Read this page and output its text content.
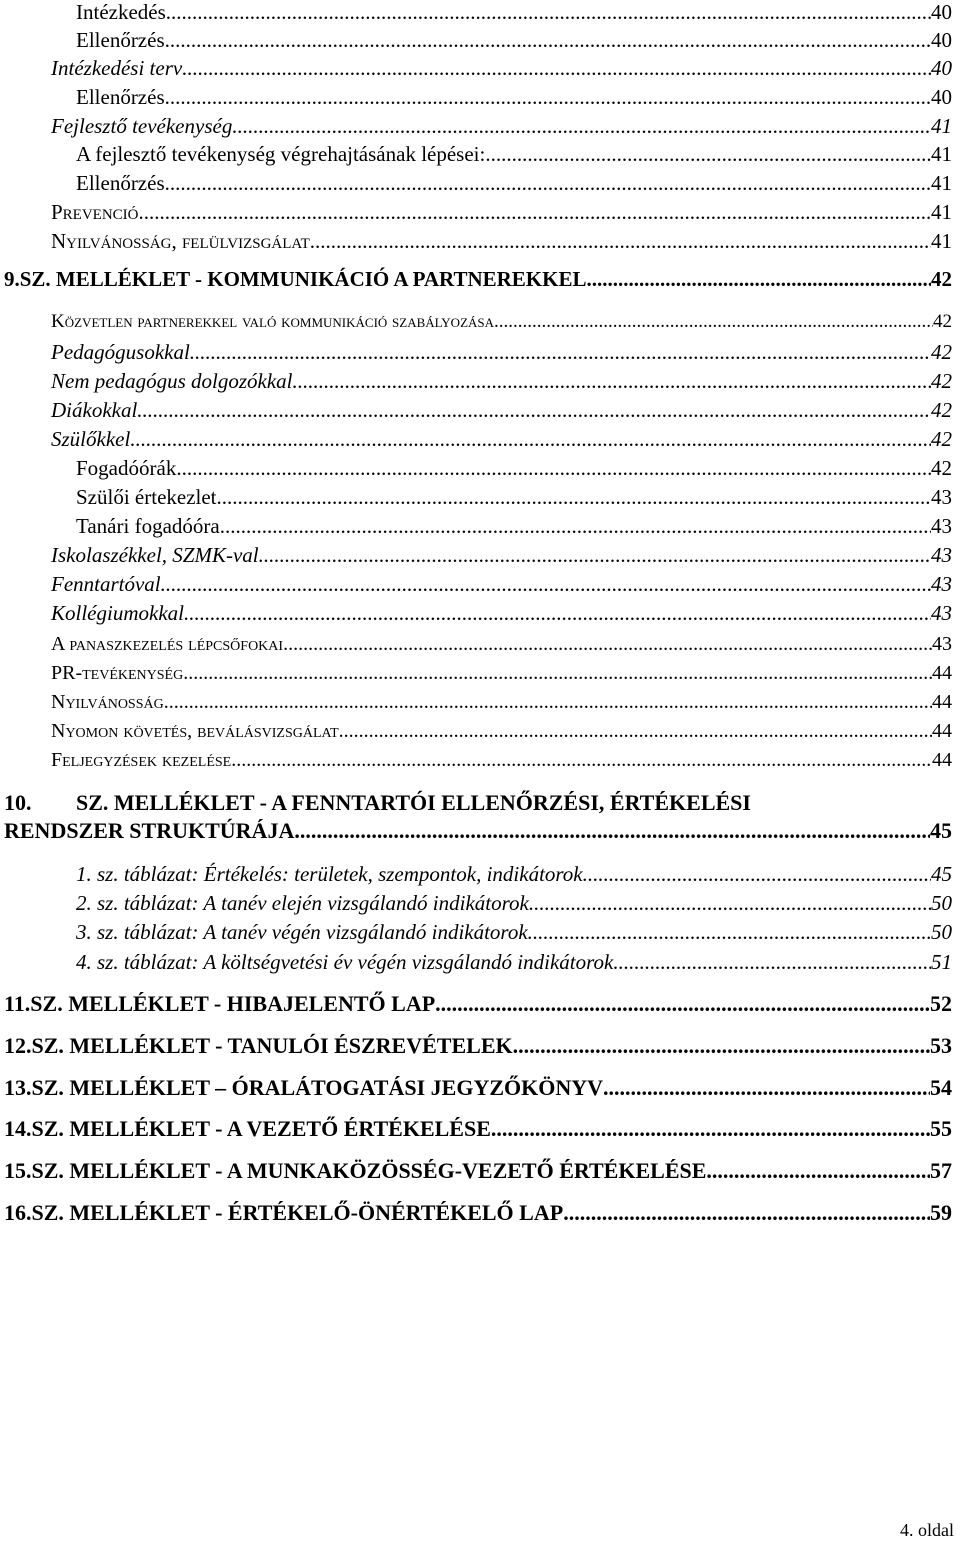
Intézkedés .....	40
Ellenőrzés .....	40
Intézkedési terv .....	40
Ellenőrzés .....	40
Fejlesztő tevékenység .....	41
A fejlesztő tevékenység végrehajtásának lépései: .....	41
Ellenőrzés. .....	41
Prevenció .....	41
Nyilvánosság, felülvizsgálat .....	41
9. SZ. MELLÉKLET - KOMMUNIKÁCIÓ A PARTNEREKKEL .....	42
Közvetlen partnerekkel való kommunikáció szabályozása .....	42
Pedagógusokkal .....	42
Nem pedagógus dolgozókkal .....	42
Diákokkal .....	42
Szülőkkel .....	42
Fogadóórák .....	42
Szülői értekezlet .....	43
Tanári fogadóóra .....	43
Iskolaszékkel, SZMK-val .....	43
Fenntartóval .....	43
Kollégiumokkal .....	43
A panaszkezelés lépcsőfokai .....	43
PR-tevékenység .....	44
Nyilvánosság .....	44
Nyomon követés, beválásvizsgálat .....	44
Feljegyzések kezelése .....	44
10.	SZ. MELLÉKLET - A FENNTARTÓI ELLENŐRZÉSI, ÉRTÉKELÉSI
RENDSZER STRUKTÚRÁJA .....	45
1. sz. táblázat: Értékelés: területek, szempontok, indikátorok .....	45
2. sz. táblázat: A tanév elején vizsgálandó indikátorok .....	50
3. sz. táblázat: A tanév végén vizsgálandó indikátorok .....	50
4. sz. táblázat: A költségvetési év végén vizsgálandó indikátorok .....	51
11. SZ. MELLÉKLET - HIBAJELENTŐ LAP .....	52
12. SZ. MELLÉKLET - TANULÓI ÉSZREVÉTELEK .....	53
13. SZ. MELLÉKLET – ÓRALÁTOGATÁSI JEGYZŐKÖNYV .....	54
14. SZ. MELLÉKLET - A VEZETŐ ÉRTÉKELÉSE .....	55
15. SZ. MELLÉKLET - A MUNKAKÖZÖSSÉG-VEZETŐ ÉRTÉKELÉSE .....	57
16. SZ. MELLÉKLET - ÉRTÉKELŐ-ÖNÉRTÉKELŐ LAP .....	59
4. oldal
